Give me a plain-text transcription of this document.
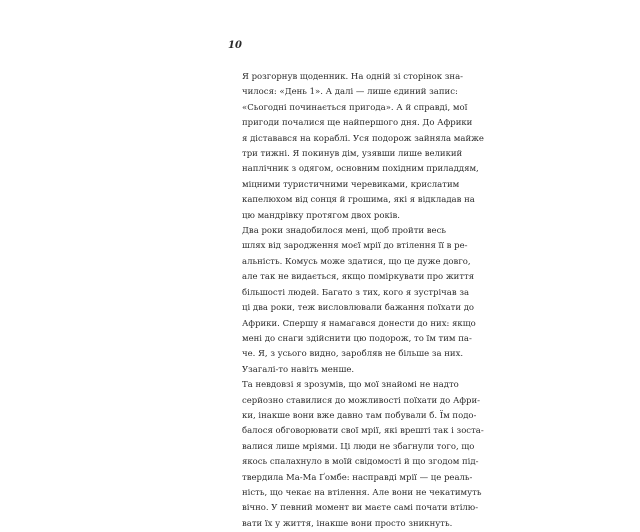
10

Я розгорнув щоденник. На одній зі сторінок зна-
чилося: «День 1». А далі — лише єдиний запис:
«Сьогодні починається пригода». А й справді, мої
пригоди почалися ще найпершого дня. До Африки
я діставався на кораблі. Уся подорож зайняла майже
три тижні. Я покинув дім, узявши лише великий
наплічник з одягом, основним похідним приладдям,
міцними туристичними черевиками, крислатим
капелюхом від сонця й грошима, які я відкладав на
цю мандрівку протягом двох років.

Два роки знадобилося мені, щоб пройти весь
шлях від зародження моєї мрії до втілення її в ре-
альність. Комусь може здатися, що це дуже довго,
але так не видається, якщо поміркувати про життя
більшості людей. Багато з тих, кого я зустрічав за
ці два роки, теж висловлювали бажання поїхати до
Африки. Спершу я намагався донести до них: якщо
мені до снаги здійснити цю подорож, то їм тим па-
че. Я, з усього видно, заробляв не більше за них.
Узагалі-то навіть менше.

Та невдовзі я зрозумів, що мої знайомі не надто
серйозно ставилися до можливості поїхати до Афри-
ки, інакше вони вже давно там побували б. Їм подо-
балося обговорювати свої мрії, які врешті так і зоста-
валися лише мріями. Ці люди не збагнули того, що
якось спалахнуло в моїй свідомості й що згодом під-
твердила Ма-Ма Ґомбе: насправді мрії — це реаль-
ність, що чекає на втілення. Але вони не чекатимуть
вічно. У певний момент ви маєте самі почати втілю-
вати їх у життя, інакше вони просто зникнуть.
